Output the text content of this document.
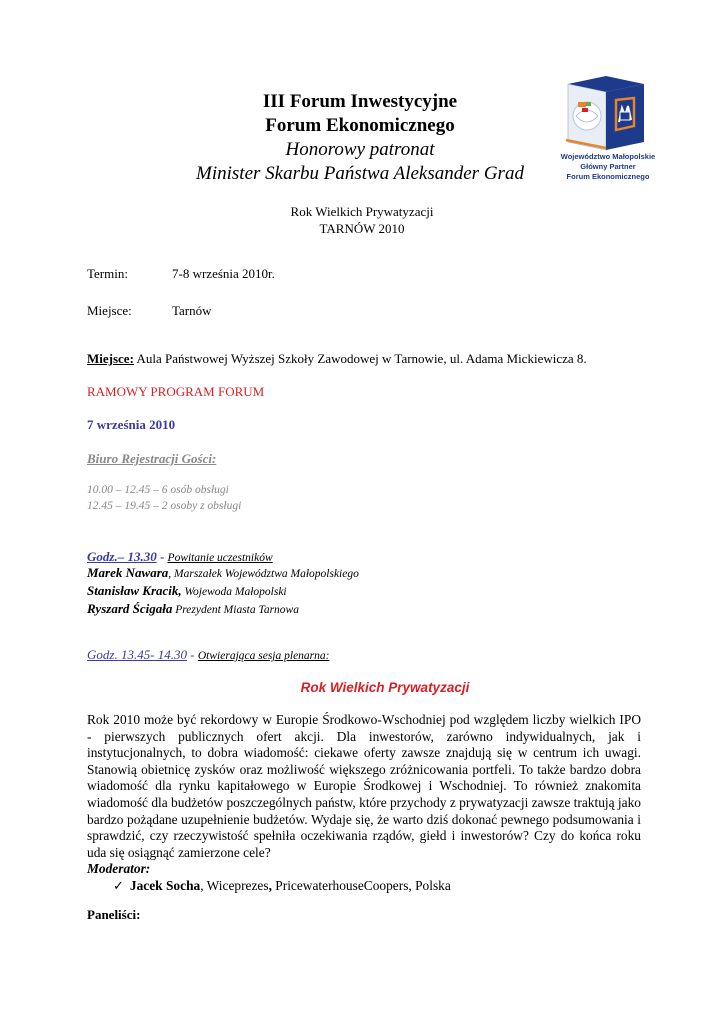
III Forum Inwestycyjne

Forum Ekonomicznego

Honorowy patronat

Minister Skarbu Państwa Aleksander Grad

Województwo Małopolskie
Główny Partner
Forum Ekonomicznego
Rok Wielkich Prywatyzacji
TARNÓW 2010
Termin:	7-8 września 2010r.
Miejsce:	Tarnów
Miejsce: Aula Państwowej Wyższej Szkoły Zawodowej w Tarnowie, ul. Adama Mickiewicza 8.
RAMOWY PROGRAM FORUM
7 września 2010
Biuro Rejestracji Gości:
10.00 – 12.45 – 6 osób obsługi
12.45 – 19.45 – 2 osoby z obsługi
Godz.– 13.30 - Powitanie uczestników
Marek Nawara, Marszałek Województwa Małopolskiego
Stanisław Kracik, Wojewoda Małopolski
Ryszard Ścigała Prezydent Miasta Tarnowa
Godz. 13.45- 14.30 - Otwierająca sesja plenarna:
Rok Wielkich Prywatyzacji

Rok 2010 może być rekordowy w Europie Środkowo-Wschodniej pod względem liczby wielkich IPO - pierwszych publicznych ofert akcji. Dla inwestorów, zarówno indywidualnych, jak i instytucjonalnych, to dobra wiadomość: ciekawe oferty zawsze znajdują się w centrum ich uwagi. Stanowią obietnicę zysków oraz możliwość większego zróżnicowania portfeli. To także bardzo dobra wiadomość dla rynku kapitałowego w Europie Środkowej i Wschodniej. To również znakomita wiadomość dla budżetów poszczególnych państw, które przychody z prywatyzacji zawsze traktują jako bardzo pożądane uzupełnienie budżetów. Wydaje się, że warto dziś dokonać pewnego podsumowania i sprawdzić, czy rzeczywistość spełniła oczekiwania rządów, giełd i inwestorów? Czy do końca roku uda się osiągnąć zamierzone cele?

Moderator:
✓ Jacek Socha, Wiceprezes, PricewaterhouseCoopers, Polska
Paneliści:
